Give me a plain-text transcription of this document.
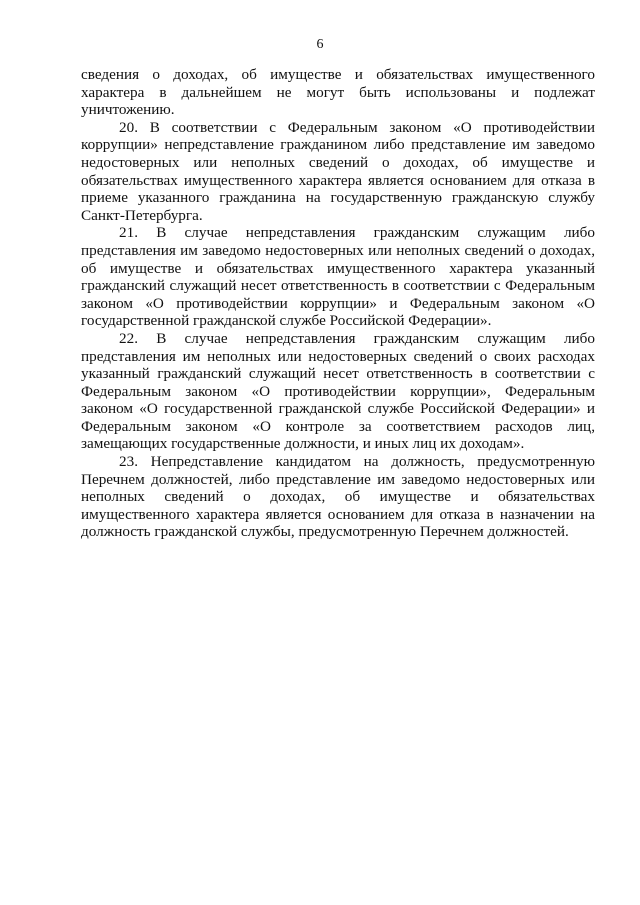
6

сведения о доходах, об имуществе и обязательствах имущественного характера в дальнейшем не могут быть использованы и подлежат уничтожению.

20. В соответствии с Федеральным законом «О противодействии коррупции» непредставление гражданином либо представление им заведомо недостоверных или неполных сведений о доходах, об имуществе и обязательствах имущественного характера является основанием для отказа в приеме указанного гражданина на государственную гражданскую службу Санкт-Петербурга.

21. В случае непредставления гражданским служащим либо представления им заведомо недостоверных или неполных сведений о доходах, об имуществе и обязательствах имущественного характера указанный гражданский служащий несет ответственность в соответствии с Федеральным законом «О противодействии коррупции» и Федеральным законом «О государственной гражданской службе Российской Федерации».

22. В случае непредставления гражданским служащим либо представления им неполных или недостоверных сведений о своих расходах указанный гражданский служащий несет ответственность в соответствии с Федеральным законом «О противодействии коррупции», Федеральным законом «О государственной гражданской службе Российской Федерации» и Федеральным законом «О контроле за соответствием расходов лиц, замещающих государственные должности, и иных лиц их доходам».

23. Непредставление кандидатом на должность, предусмотренную Перечнем должностей, либо представление им заведомо недостоверных или неполных сведений о доходах, об имуществе и обязательствах имущественного характера является основанием для отказа в назначении на должность гражданской службы, предусмотренную Перечнем должностей.
